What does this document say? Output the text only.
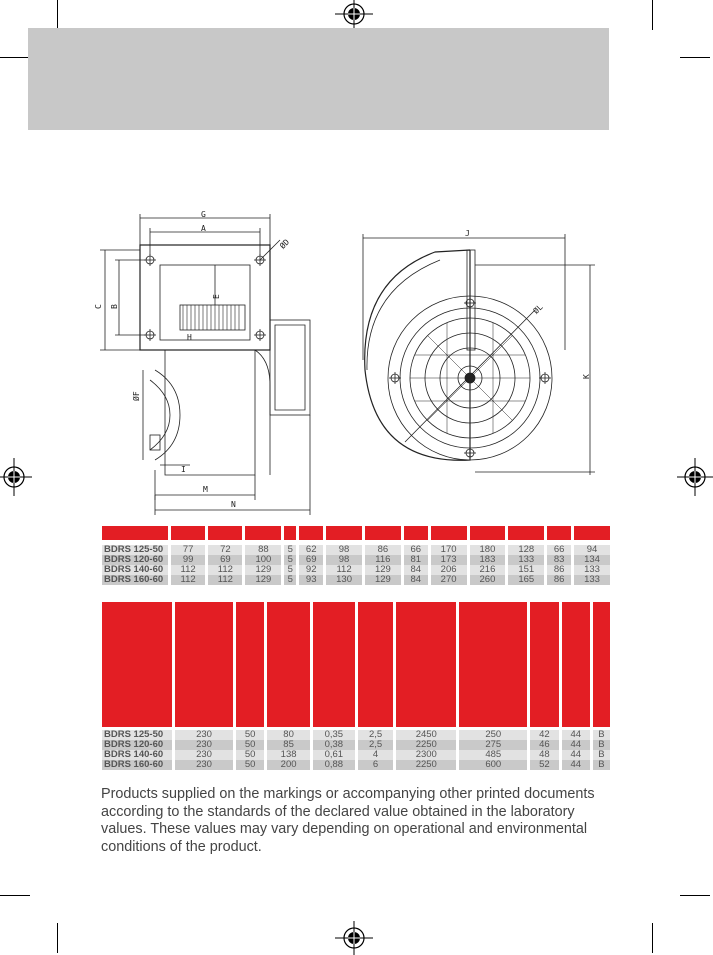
G
A
C B
ØD
E
H
ØF
I
M
N
J
K
ØL

BDRS 125-50	77	72	88	5	62	98	86	66	170	180	128	66	94
BDRS 120-60	99	69	100	5	69	98	116	81	173	183	133	83	134
BDRS 140-60	112	112	129	5	92	112	129	84	206	216	151	86	133
BDRS 160-60	112	112	129	5	93	130	129	84	270	260	165	86	133

BDRS 125-50	230	50	80	0,35	2,5	2450	250	42	44	B
BDRS 120-60	230	50	85	0,38	2,5	2250	275	46	44	B
BDRS 140-60	230	50	138	0,61	4	2300	485	48	44	B
BDRS 160-60	230	50	200	0,88	6	2250	600	52	44	B

Products supplied on the markings or accompanying other printed documents according to the standards of the declared value obtained in the laboratory values. These values may vary depending on operational and environmental conditions of the product.
